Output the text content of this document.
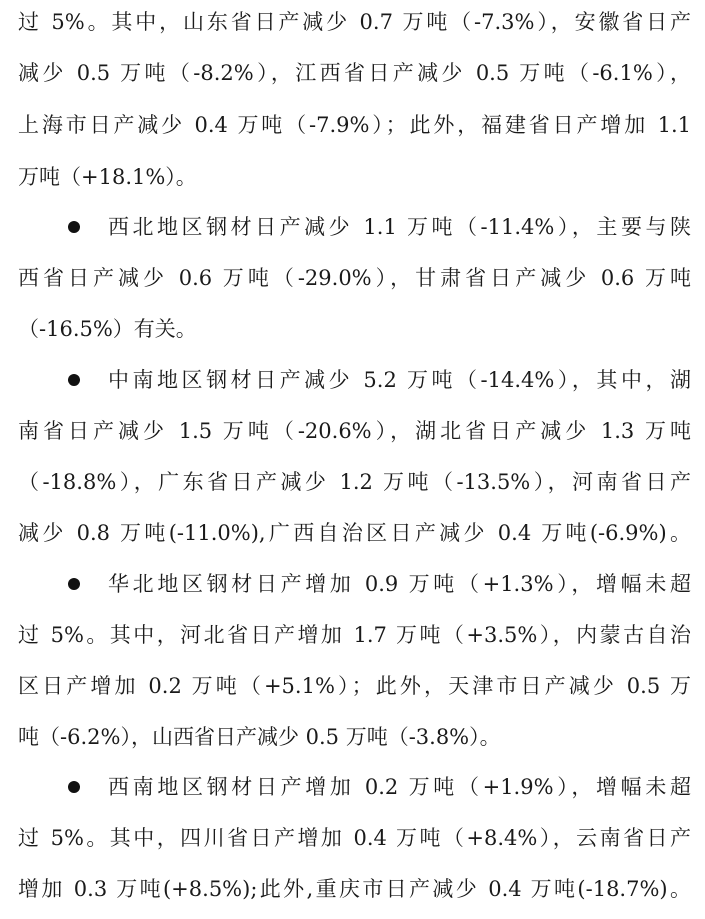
过 5%。其中，山东省日产减少 0.7 万吨（-7.3%），安徽省日产
减少 0.5 万吨（-8.2%），江西省日产减少 0.5 万吨（-6.1%），
上海市日产减少 0.4 万吨（-7.9%）；此外，福建省日产增加 1.1
万吨（+18.1%）。
西北地区钢材日产减少 1.1 万吨（-11.4%），主要与陕
西省日产减少 0.6 万吨（-29.0%），甘肃省日产减少 0.6 万吨
（-16.5%）有关。
中南地区钢材日产减少 5.2 万吨（-14.4%），其中，湖
南省日产减少 1.5 万吨（-20.6%），湖北省日产减少 1.3 万吨
（-18.8%），广东省日产减少 1.2 万吨（-13.5%），河南省日产
减少 0.8 万吨(-11.0%),广西自治区日产减少 0.4 万吨(-6.9%)。
华北地区钢材日产增加 0.9 万吨（+1.3%），增幅未超
过 5%。其中，河北省日产增加 1.7 万吨（+3.5%），内蒙古自治
区日产增加 0.2 万吨（+5.1%）；此外，天津市日产减少 0.5 万
吨（-6.2%），山西省日产减少 0.5 万吨（-3.8%）。
西南地区钢材日产增加 0.2 万吨（+1.9%），增幅未超
过 5%。其中，四川省日产增加 0.4 万吨（+8.4%），云南省日产
增加 0.3 万吨(+8.5%);此外,重庆市日产减少 0.4 万吨(-18.7%)。
